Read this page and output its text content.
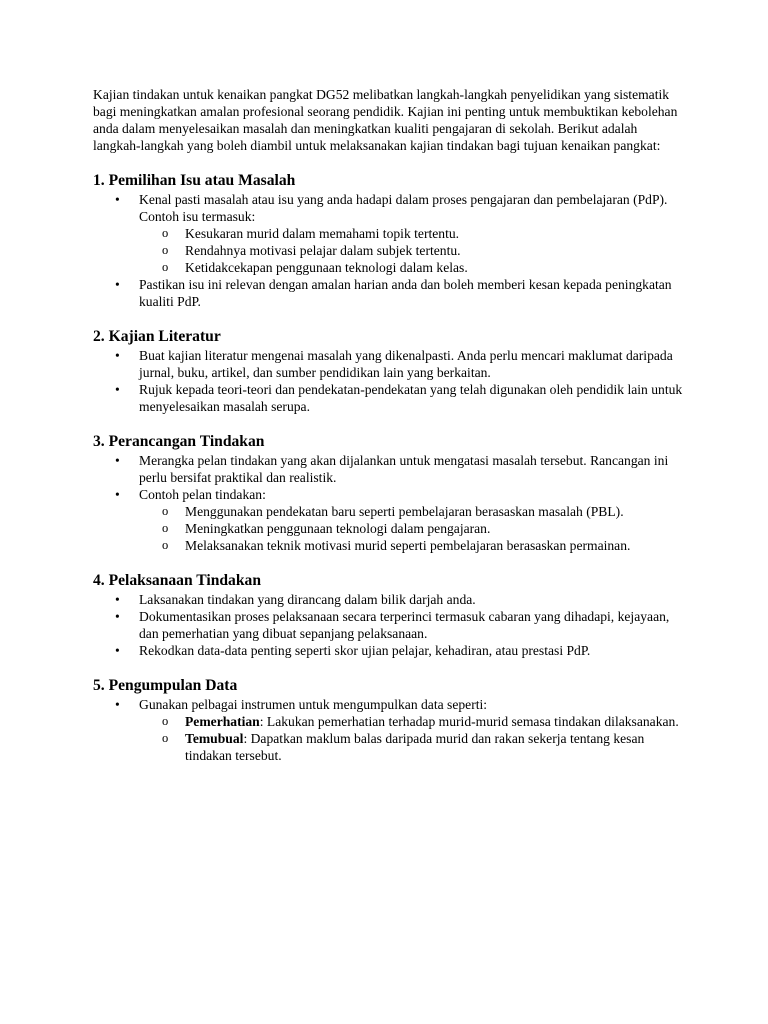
Kajian tindakan untuk kenaikan pangkat DG52 melibatkan langkah-langkah penyelidikan yang sistematik bagi meningkatkan amalan profesional seorang pendidik. Kajian ini penting untuk membuktikan kebolehan anda dalam menyelesaikan masalah dan meningkatkan kualiti pengajaran di sekolah. Berikut adalah langkah-langkah yang boleh diambil untuk melaksanakan kajian tindakan bagi tujuan kenaikan pangkat:

1. Pemilihan Isu atau Masalah
• Kenal pasti masalah atau isu yang anda hadapi dalam proses pengajaran dan pembelajaran (PdP). Contoh isu termasuk:
o Kesukaran murid dalam memahami topik tertentu.
o Rendahnya motivasi pelajar dalam subjek tertentu.
o Ketidakcekapan penggunaan teknologi dalam kelas.
• Pastikan isu ini relevan dengan amalan harian anda dan boleh memberi kesan kepada peningkatan kualiti PdP.
2. Kajian Literatur
• Buat kajian literatur mengenai masalah yang dikenalpasti. Anda perlu mencari maklumat daripada jurnal, buku, artikel, dan sumber pendidikan lain yang berkaitan.
• Rujuk kepada teori-teori dan pendekatan-pendekatan yang telah digunakan oleh pendidik lain untuk menyelesaikan masalah serupa.
3. Perancangan Tindakan
• Merangka pelan tindakan yang akan dijalankan untuk mengatasi masalah tersebut. Rancangan ini perlu bersifat praktikal dan realistik.
• Contoh pelan tindakan:
o Menggunakan pendekatan baru seperti pembelajaran berasaskan masalah (PBL).
o Meningkatkan penggunaan teknologi dalam pengajaran.
o Melaksanakan teknik motivasi murid seperti pembelajaran berasaskan permainan.
4. Pelaksanaan Tindakan
• Laksanakan tindakan yang dirancang dalam bilik darjah anda.
• Dokumentasikan proses pelaksanaan secara terperinci termasuk cabaran yang dihadapi, kejayaan, dan pemerhatian yang dibuat sepanjang pelaksanaan.
• Rekodkan data-data penting seperti skor ujian pelajar, kehadiran, atau prestasi PdP.
5. Pengumpulan Data
• Gunakan pelbagai instrumen untuk mengumpulkan data seperti:
o Pemerhatian: Lakukan pemerhatian terhadap murid-murid semasa tindakan dilaksanakan.
o Temubual: Dapatkan maklum balas daripada murid dan rakan sekerja tentang kesan tindakan tersebut.
